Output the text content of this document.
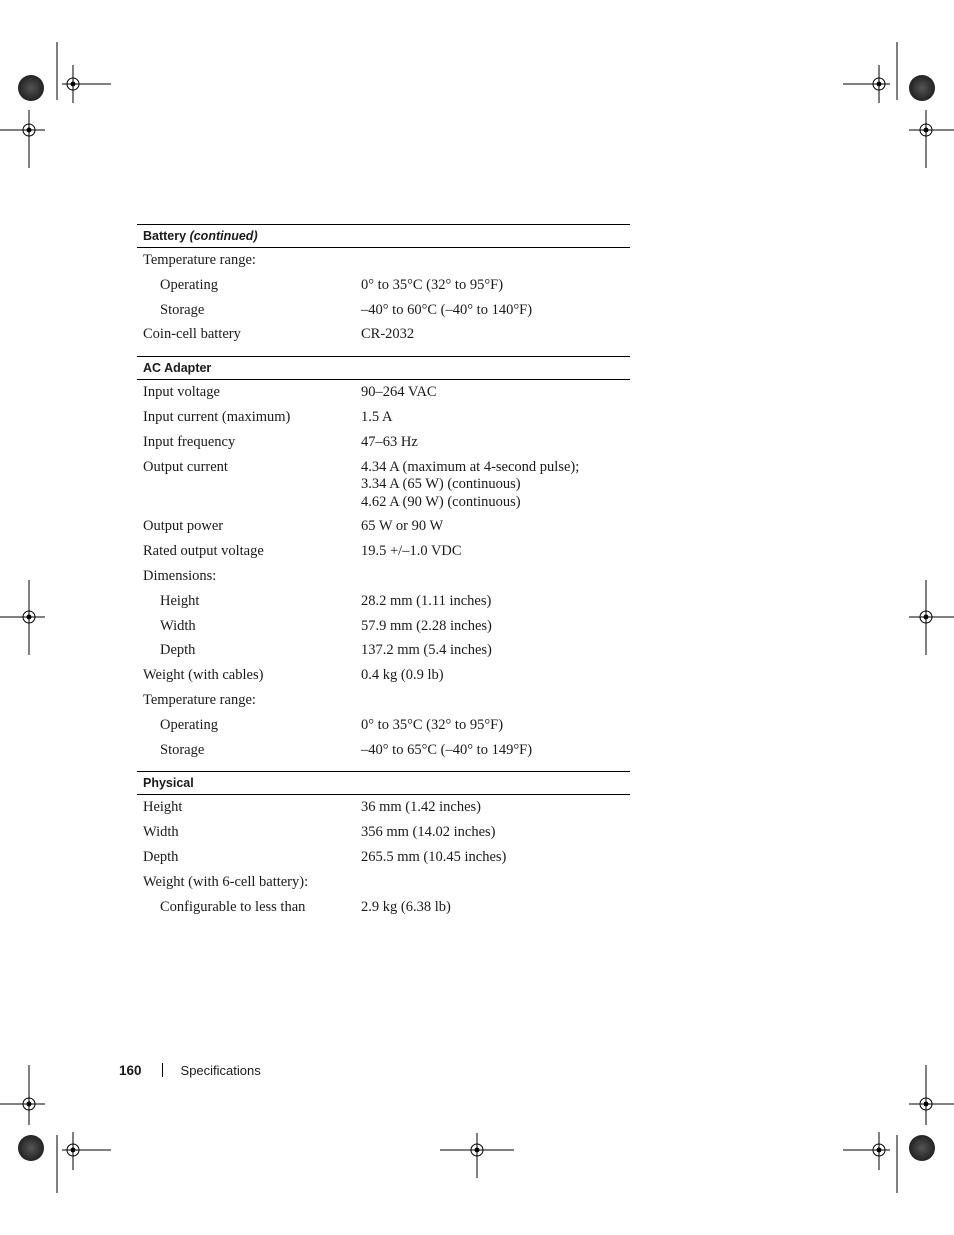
Battery (continued)
Temperature range:
Operating	0° to 35°C (32° to 95°F)
Storage	–40° to 60°C (–40° to 140°F)
Coin-cell battery	CR-2032
AC Adapter
Input voltage	90–264 VAC
Input current (maximum)	1.5 A
Input frequency	47–63 Hz
Output current	4.34 A (maximum at 4-second pulse);
3.34 A (65 W) (continuous)
4.62 A (90 W) (continuous)
Output power	65 W or 90 W
Rated output voltage	19.5 +/–1.0 VDC
Dimensions:
Height	28.2 mm (1.11 inches)
Width	57.9 mm (2.28 inches)
Depth	137.2 mm (5.4 inches)
Weight (with cables)	0.4 kg (0.9 lb)
Temperature range:
Operating	0° to 35°C (32° to 95°F)
Storage	–40° to 65°C (–40° to 149°F)
Physical
Height	36 mm (1.42 inches)
Width	356 mm (14.02 inches)
Depth	265.5 mm (10.45 inches)
Weight (with 6-cell battery):
Configurable to less than	2.9 kg (6.38 lb)
160	Specifications
